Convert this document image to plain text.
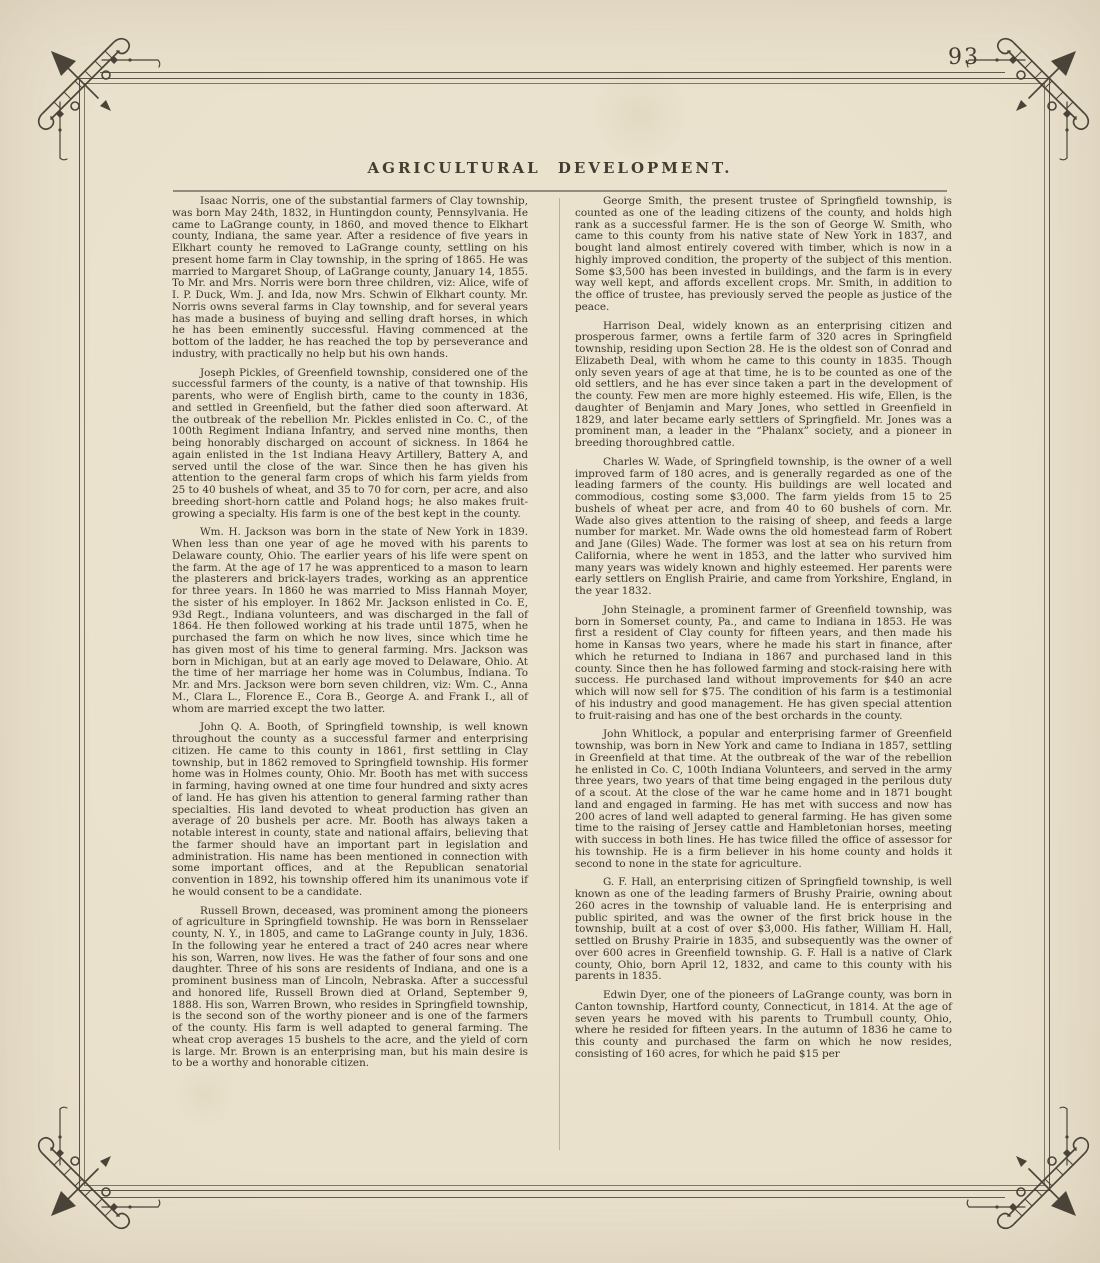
93
AGRICULTURAL DEVELOPMENT.

Isaac Norris, one of the substantial farmers of Clay township, was born May 24th, 1832, in Huntingdon county, Pennsylvania. He came to LaGrange county, in 1860, and moved thence to Elkhart county, Indiana, the same year. After a residence of five years in Elkhart county he removed to LaGrange county, settling on his present home farm in Clay township, in the spring of 1865. He was married to Margaret Shoup, of LaGrange county, January 14, 1855. To Mr. and Mrs. Norris were born three children, viz: Alice, wife of I. P. Duck, Wm. J. and Ida, now Mrs. Schwin of Elkhart county. Mr. Norris owns several farms in Clay township, and for several years has made a business of buying and selling draft horses, in which he has been eminently successful. Having commenced at the bottom of the ladder, he has reached the top by perseverance and industry, with practically no help but his own hands.

Joseph Pickles, of Greenfield township, considered one of the successful farmers of the county, is a native of that township. His parents, who were of English birth, came to the county in 1836, and settled in Greenfield, but the father died soon afterward. At the outbreak of the rebellion Mr. Pickles enlisted in Co. C., of the 100th Regiment Indiana Infantry, and served nine months, then being honorably discharged on account of sickness. In 1864 he again enlisted in the 1st Indiana Heavy Artillery, Battery A, and served until the close of the war. Since then he has given his attention to the general farm crops of which his farm yields from 25 to 40 bushels of wheat, and 35 to 70 for corn, per acre, and also breeding short-horn cattle and Poland hogs; he also makes fruit-growing a specialty. His farm is one of the best kept in the county.

Wm. H. Jackson was born in the state of New York in 1839. When less than one year of age he moved with his parents to Delaware county, Ohio. The earlier years of his life were spent on the farm. At the age of 17 he was apprenticed to a mason to learn the plasterers and brick-layers trades, working as an apprentice for three years. In 1860 he was married to Miss Hannah Moyer, the sister of his employer. In 1862 Mr. Jackson enlisted in Co. E, 93d Regt., Indiana volunteers, and was discharged in the fall of 1864. He then followed working at his trade until 1875, when he purchased the farm on which he now lives, since which time he has given most of his time to general farming. Mrs. Jackson was born in Michigan, but at an early age moved to Delaware, Ohio. At the time of her marriage her home was in Columbus, Indiana. To Mr. and Mrs. Jackson were born seven children, viz: Wm. C., Anna M., Clara L., Florence E., Cora B., George A. and Frank I., all of whom are married except the two latter.

John Q. A. Booth, of Springfield township, is well known throughout the county as a successful farmer and enterprising citizen. He came to this county in 1861, first settling in Clay township, but in 1862 removed to Springfield township. His former home was in Holmes county, Ohio. Mr. Booth has met with success in farming, having owned at one time four hundred and sixty acres of land. He has given his attention to general farming rather than specialties. His land devoted to wheat production has given an average of 20 bushels per acre. Mr. Booth has always taken a notable interest in county, state and national affairs, believing that the farmer should have an important part in legislation and administration. His name has been mentioned in connection with some important offices, and at the Republican senatorial convention in 1892, his township offered him its unanimous vote if he would consent to be a candidate.

Russell Brown, deceased, was prominent among the pioneers of agriculture in Springfield township. He was born in Rensselaer county, N. Y., in 1805, and came to LaGrange county in July, 1836. In the following year he entered a tract of 240 acres near where his son, Warren, now lives. He was the father of four sons and one daughter. Three of his sons are residents of Indiana, and one is a prominent business man of Lincoln, Nebraska. After a successful and honored life, Russell Brown died at Orland, September 9, 1888. His son, Warren Brown, who resides in Springfield township, is the second son of the worthy pioneer and is one of the farmers of the county. His farm is well adapted to general farming. The wheat crop averages 15 bushels to the acre, and the yield of corn is large. Mr. Brown is an enterprising man, but his main desire is to be a worthy and honorable citizen.

George Smith, the present trustee of Springfield township, is counted as one of the leading citizens of the county, and holds high rank as a successful farmer. He is the son of George W. Smith, who came to this county from his native state of New York in 1837, and bought land almost entirely covered with timber, which is now in a highly improved condition, the property of the subject of this mention. Some $3,500 has been invested in buildings, and the farm is in every way well kept, and affords excellent crops. Mr. Smith, in addition to the office of trustee, has previously served the people as justice of the peace.

Harrison Deal, widely known as an enterprising citizen and prosperous farmer, owns a fertile farm of 320 acres in Springfield township, residing upon Section 28. He is the oldest son of Conrad and Elizabeth Deal, with whom he came to this county in 1835. Though only seven years of age at that time, he is to be counted as one of the old settlers, and he has ever since taken a part in the development of the county. Few men are more highly esteemed. His wife, Ellen, is the daughter of Benjamin and Mary Jones, who settled in Greenfield in 1829, and later became early settlers of Springfield. Mr. Jones was a prominent man, a leader in the “Phalanx” society, and a pioneer in breeding thoroughbred cattle.

Charles W. Wade, of Springfield township, is the owner of a well improved farm of 180 acres, and is generally regarded as one of the leading farmers of the county. His buildings are well located and commodious, costing some $3,000. The farm yields from 15 to 25 bushels of wheat per acre, and from 40 to 60 bushels of corn. Mr. Wade also gives attention to the raising of sheep, and feeds a large number for market. Mr. Wade owns the old homestead farm of Robert and Jane (Giles) Wade. The former was lost at sea on his return from California, where he went in 1853, and the latter who survived him many years was widely known and highly esteemed. Her parents were early settlers on English Prairie, and came from Yorkshire, England, in the year 1832.

John Steinagle, a prominent farmer of Greenfield township, was born in Somerset county, Pa., and came to Indiana in 1853. He was first a resident of Clay county for fifteen years, and then made his home in Kansas two years, where he made his start in finance, after which he returned to Indiana in 1867 and purchased land in this county. Since then he has followed farming and stock-raising here with success. He purchased land without improvements for $40 an acre which will now sell for $75. The condition of his farm is a testimonial of his industry and good management. He has given special attention to fruit-raising and has one of the best orchards in the county.

John Whitlock, a popular and enterprising farmer of Greenfield township, was born in New York and came to Indiana in 1857, settling in Greenfield at that time. At the outbreak of the war of the rebellion he enlisted in Co. C, 100th Indiana Volunteers, and served in the army three years, two years of that time being engaged in the perilous duty of a scout. At the close of the war he came home and in 1871 bought land and engaged in farming. He has met with success and now has 200 acres of land well adapted to general farming. He has given some time to the raising of Jersey cattle and Hambletonian horses, meeting with success in both lines. He has twice filled the office of assessor for his township. He is a firm believer in his home county and holds it second to none in the state for agriculture.

G. F. Hall, an enterprising citizen of Springfield township, is well known as one of the leading farmers of Brushy Prairie, owning about 260 acres in the township of valuable land. He is enterprising and public spirited, and was the owner of the first brick house in the township, built at a cost of over $3,000. His father, William H. Hall, settled on Brushy Prairie in 1835, and subsequently was the owner of over 600 acres in Greenfield township. G. F. Hall is a native of Clark county, Ohio, born April 12, 1832, and came to this county with his parents in 1835.

Edwin Dyer, one of the pioneers of LaGrange county, was born in Canton township, Hartford county, Connecticut, in 1814. At the age of seven years he moved with his parents to Trumbull county, Ohio, where he resided for fifteen years. In the autumn of 1836 he came to this county and purchased the farm on which he now resides, consisting of 160 acres, for which he paid $15 per
